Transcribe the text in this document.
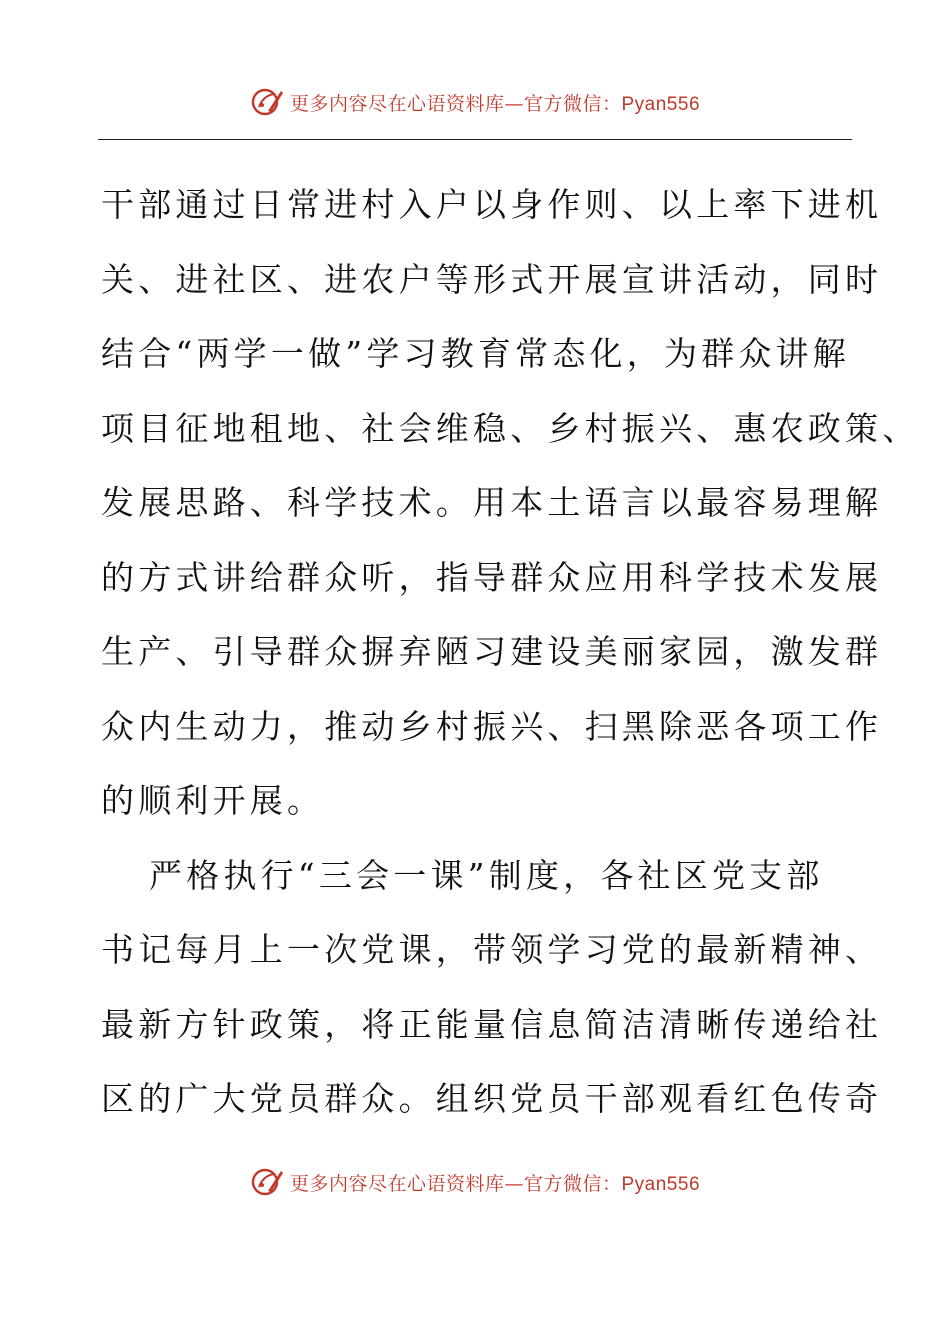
更多内容尽在心语资料库—官方微信：Pyan556
干部通过日常进村入户以身作则、以上率下进机
关、进社区、进农户等形式开展宣讲活动，同时
结合“两学一做”学习教育常态化，为群众讲解
项目征地租地、社会维稳、乡村振兴、惠农政策、
发展思路、科学技术。用本土语言以最容易理解
的方式讲给群众听，指导群众应用科学技术发展
生产、引导群众摒弃陋习建设美丽家园，激发群
众内生动力，推动乡村振兴、扫黑除恶各项工作
的顺利开展。
严格执行“三会一课”制度，各社区党支部
书记每月上一次党课，带领学习党的最新精神、
最新方针政策，将正能量信息简洁清晰传递给社
区的广大党员群众。组织党员干部观看红色传奇
更多内容尽在心语资料库—官方微信：Pyan556
